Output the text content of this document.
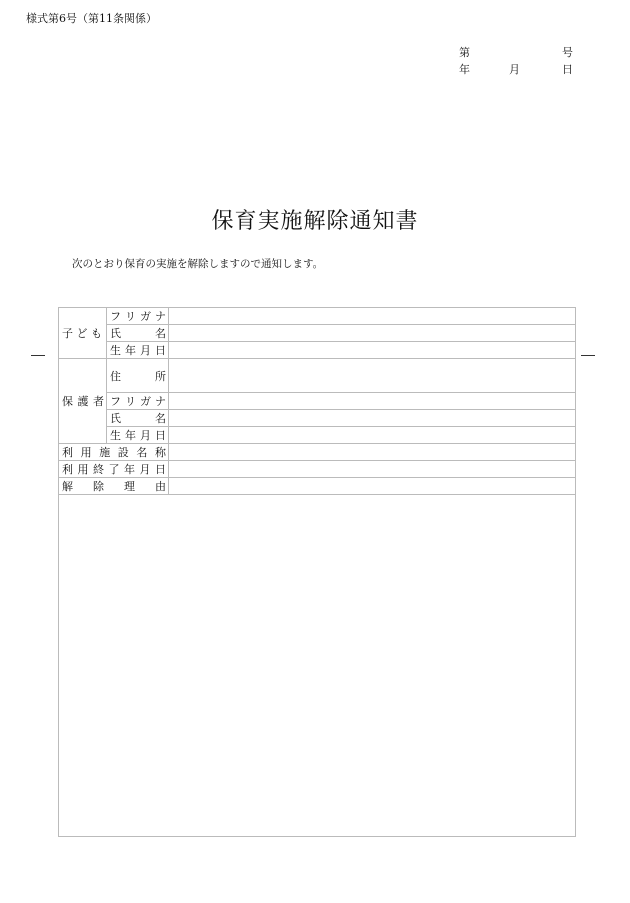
様式第6号（第11条関係）
第	号
年	月	日
保育実施解除通知書
次のとおり保育の実施を解除しますので通知します。
子 ど も
フ リ ガ ナ
氏	名
生 年 月 日
保 護 者
住	所
フ リ ガ ナ
氏	名
生 年 月 日
利 用 施 設 名 称
利 用 終 了 年 月 日
解 除 理 由
